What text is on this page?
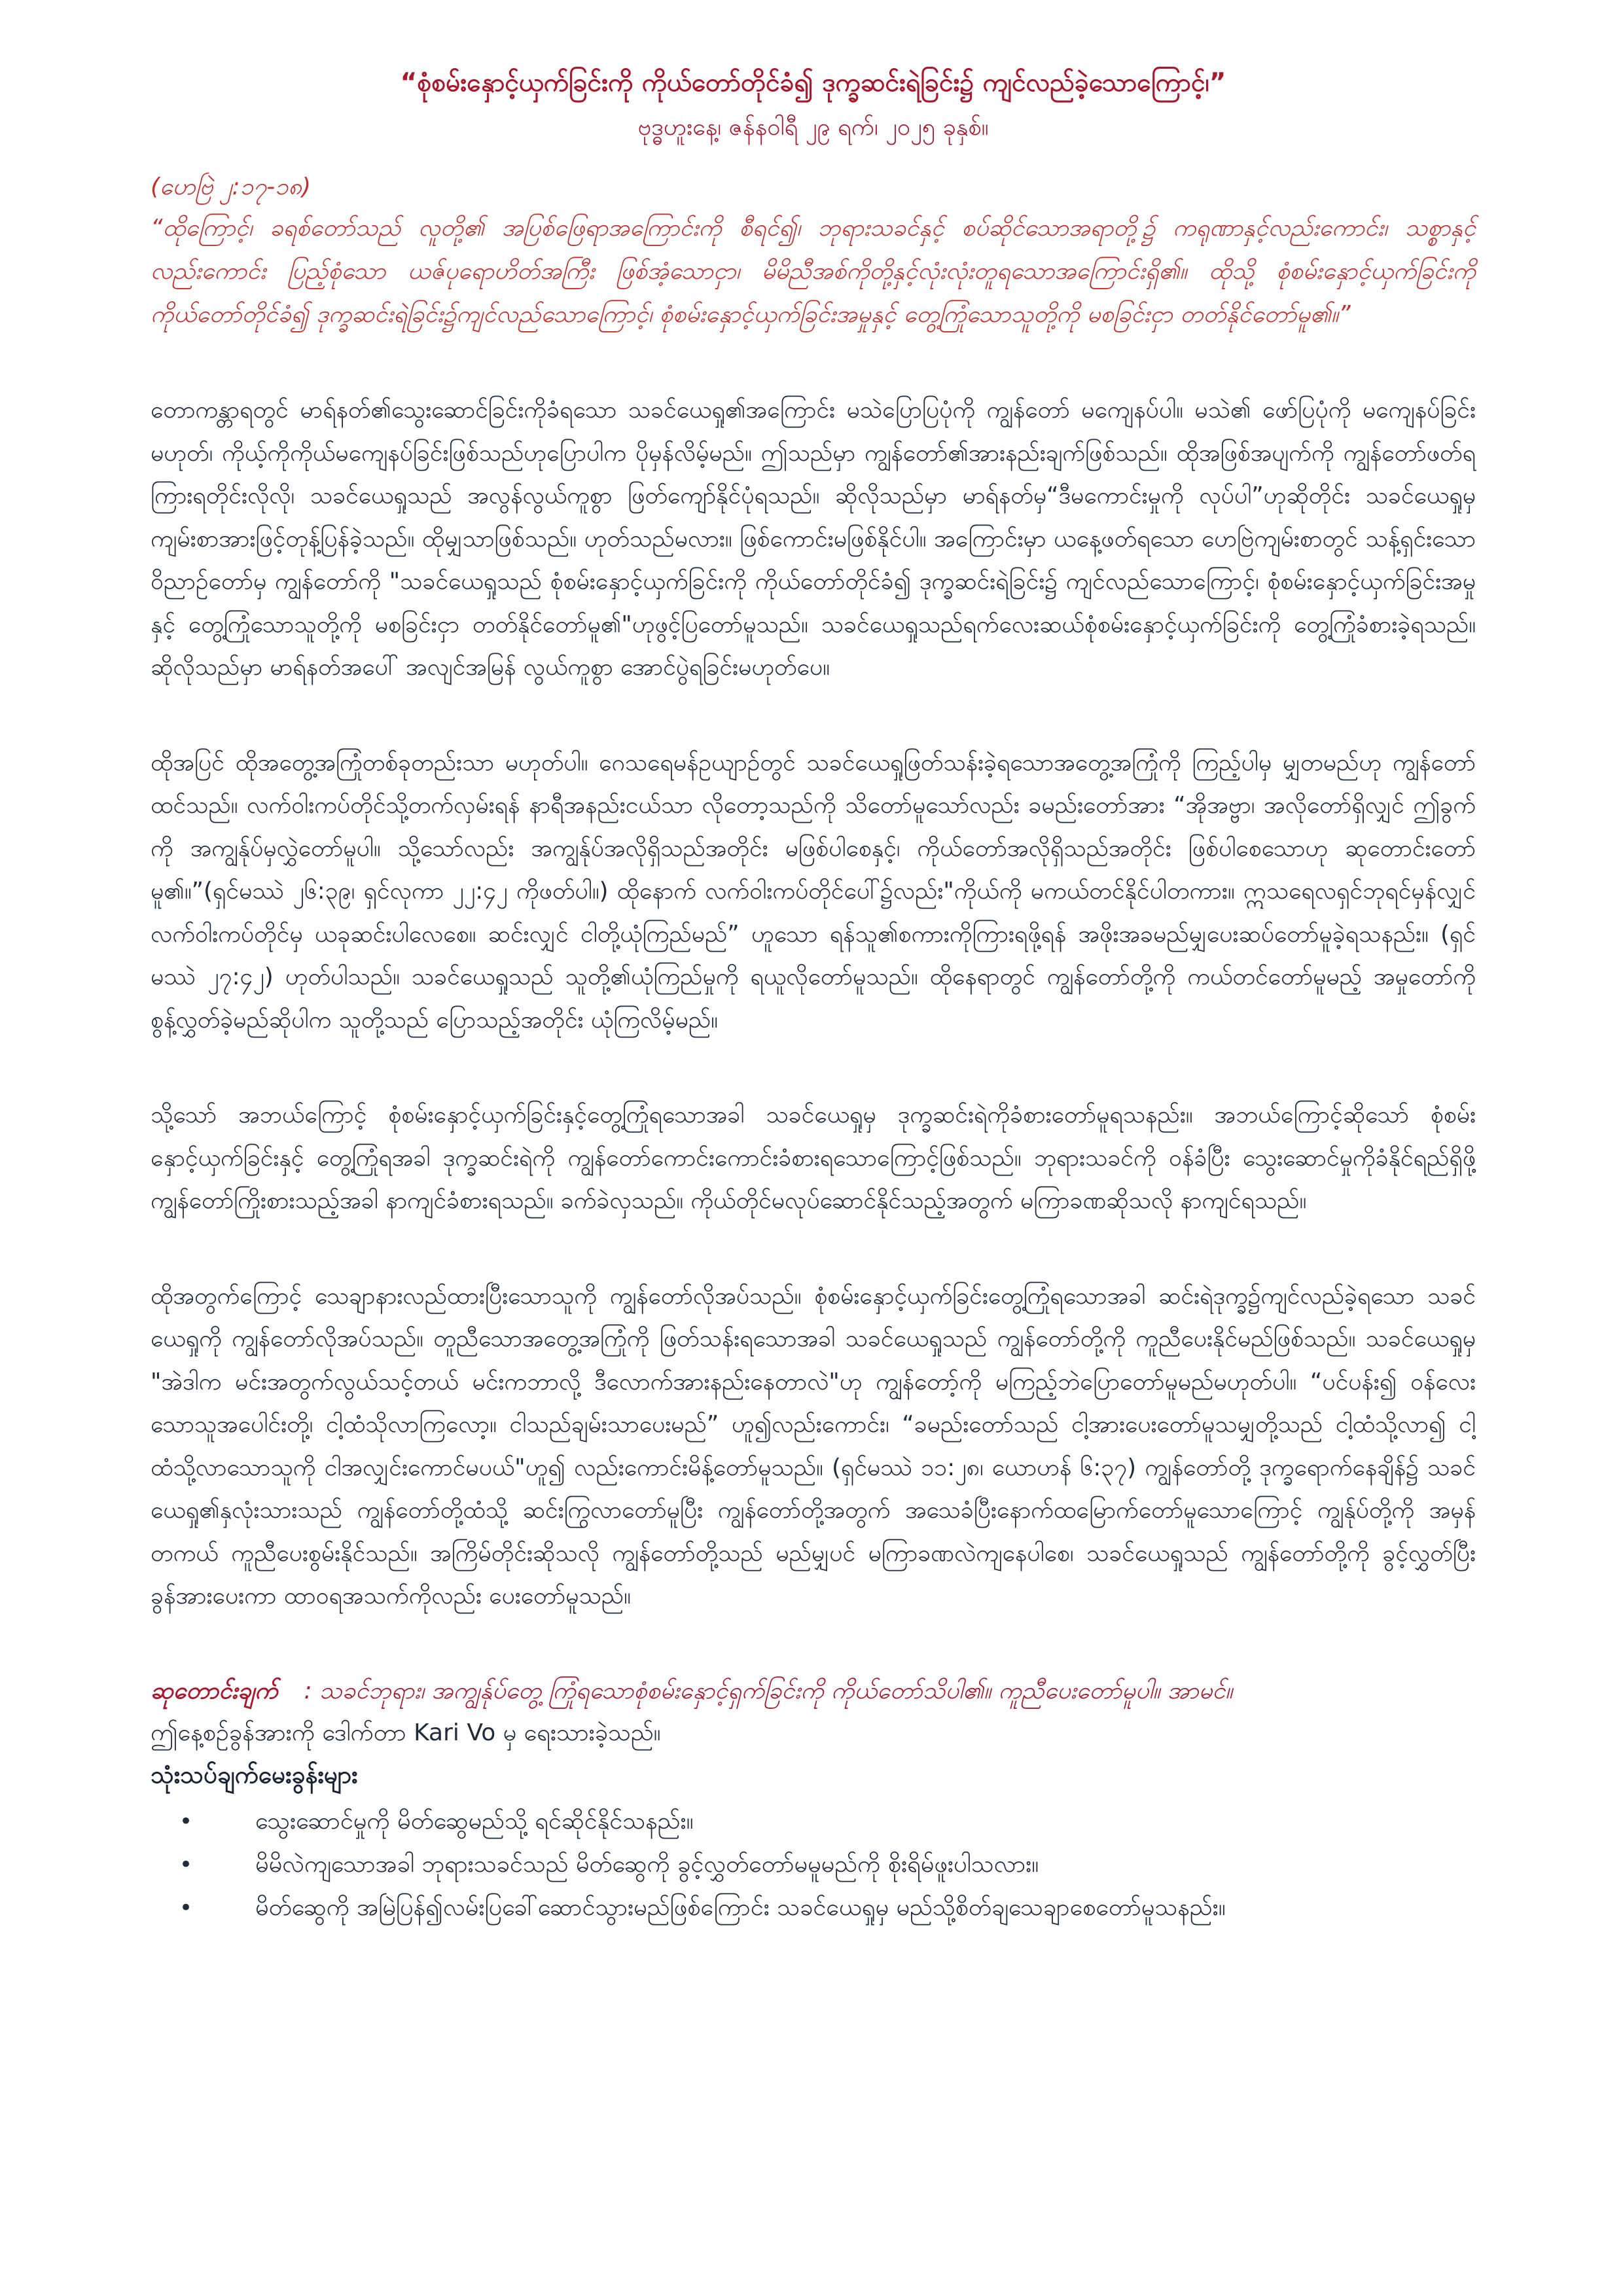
“စုံစမ်းနှောင့်ယှက်ခြင်းကို ကိုယ်တော်တိုင်ခံ၍ ဒုက္ခဆင်းရဲခြင်း၌ ကျင်လည်ခဲ့သောကြောင့်၊”

ဗုဒ္ဓဟူးနေ့၊ ဇန်နဝါရီ ၂၉ ရက်၊ ၂၀၂၅ ခုနှစ်။

(ဟေဗြဲ ၂:၁၇-၁၈)

“ထိုကြောင့်၊ ခရစ်တော်သည် လူတို့၏ အပြစ်ဖြေရာအကြောင်းကို စီရင်၍၊ ဘုရားသခင်နှင့် စပ်ဆိုင်သောအရာတို့၌ ကရုဏာနှင့်လည်းကောင်း၊ သစ္စာနှင့်လည်းကောင်း ပြည့်စုံသော ယဇ်ပုရောဟိတ်အကြီး ဖြစ်အံ့သောငှာ၊ မိမိညီအစ်ကိုတို့နှင့်လုံးလုံးတူရသောအကြောင်းရှိ၏။ ထိုသို့ စုံစမ်းနှောင့်ယှက်ခြင်းကို ကိုယ်တော်တိုင်ခံ၍ ဒုက္ခဆင်းရဲခြင်း၌ကျင်လည်သောကြောင့်၊ စုံစမ်းနှောင့်ယှက်ခြင်းအမှုနှင့် တွေ့ကြုံသောသူတို့ကို မစခြင်းငှာ တတ်နိုင်တော်မူ၏။”

တောကန္တာရတွင် မာရ်နတ်၏သွေးဆောင်ခြင်းကိုခံရသော သခင်ယေရှု၏အကြောင်း မသဲပြောပြပုံကို ကျွန်တော် မကျေနပ်ပါ။ မသဲ၏ ဖော်ပြပုံကို မကျေနပ်ခြင်းမဟုတ်၊ ကိုယ့်ကိုကိုယ်မကျေနပ်ခြင်းဖြစ်သည်ဟုပြောပါက ပိုမှန်လိမ့်မည်။ ဤသည်မှာ ကျွန်တော်၏အားနည်းချက်ဖြစ်သည်။ ထိုအဖြစ်အပျက်ကို ကျွန်တော်ဖတ်ရကြားရတိုင်းလိုလို၊ သခင်ယေရှုသည် အလွန်လွယ်ကူစွာ ဖြတ်ကျော်နိုင်ပုံရသည်။ ဆိုလိုသည်မှာ မာရ်နတ်မှ“ဒီမကောင်းမှုကို လုပ်ပါ”ဟုဆိုတိုင်း သခင်ယေရှုမှ ကျမ်းစာအားဖြင့်တုန့်ပြန်ခဲ့သည်။ ထိုမျှသာဖြစ်သည်။ ဟုတ်သည်မလား။ ဖြစ်ကောင်းမဖြစ်နိုင်ပါ။ အကြောင်းမှာ ယနေ့ဖတ်ရသော ဟေဗြဲကျမ်းစာတွင် သန့်ရှင်းသောဝိညာဉ်တော်မှ ကျွန်တော်ကို "သခင်ယေရှုသည် စုံစမ်းနှောင့်ယှက်ခြင်းကို ကိုယ်တော်တိုင်ခံ၍ ဒုက္ခဆင်းရဲခြင်း၌ ကျင်လည်သောကြောင့်၊ စုံစမ်းနှောင့်ယှက်ခြင်းအမှုနှင့် တွေ့ကြုံသောသူတို့ကို မစခြင်းငှာ တတ်နိုင်တော်မူ၏"ဟုဖွင့်ပြတော်မူသည်။ သခင်ယေရှုသည်ရက်လေးဆယ်စုံစမ်းနှောင့်ယှက်ခြင်းကို တွေ့ကြုံခံစားခဲ့ရသည်။ ဆိုလိုသည်မှာ မာရ်နတ်အပေါ် အလျင်အမြန် လွယ်ကူစွာ အောင်ပွဲရခြင်းမဟုတ်ပေ။

ထိုအပြင် ထိုအတွေ့အကြုံတစ်ခုတည်းသာ မဟုတ်ပါ။ ဂေသရေမန်ဥယျာဉ်တွင် သခင်ယေရှုဖြတ်သန်းခဲ့ရသောအတွေ့အကြုံကို ကြည့်ပါမှ မျှတမည်ဟု ကျွန်တော်ထင်သည်။ လက်ဝါးကပ်တိုင်သို့တက်လှမ်းရန် နာရီအနည်းငယ်သာ လိုတော့သည်ကို သိတော်မူသော်လည်း ခမည်းတော်အား “အိုအဗ္ဗာ၊ အလိုတော်ရှိလျှင် ဤခွက်ကို အကျွန်ုပ်မှလွှဲတော်မူပါ။ သို့သော်လည်း အကျွန်ုပ်အလိုရှိသည်အတိုင်း မဖြစ်ပါစေနှင့်၊ ကိုယ်တော်အလိုရှိသည်အတိုင်း ဖြစ်ပါစေသောဟု ဆုတောင်းတော်မူ၏။”(ရှင်မဿဲ ၂၆:၃၉၊ ရှင်လုကာ ၂၂:၄၂ ကိုဖတ်ပါ။) ထိုနောက် လက်ဝါးကပ်တိုင်ပေါ်၌လည်း"ကိုယ်ကို မကယ်တင်နိုင်ပါတကား။ ဣသရေလရှင်ဘုရင်မှန်လျှင် လက်ဝါးကပ်တိုင်မှ ယခုဆင်းပါလေစေ။ ဆင်းလျှင် ငါတို့ယုံကြည်မည်” ဟူသော ရန်သူ၏စကားကိုကြားရဖို့ရန် အဖိုးအခမည်မျှပေးဆပ်တော်မူခဲ့ရသနည်း။ (ရှင်မဿဲ ၂၇:၄၂) ဟုတ်ပါသည်။ သခင်ယေရှုသည် သူတို့၏ယုံကြည်မှုကို ရယူလိုတော်မူသည်။ ထိုနေရာတွင် ကျွန်တော်တို့ကို ကယ်တင်တော်မူမည့် အမှုတော်ကို စွန့်လွှတ်ခဲ့မည်ဆိုပါက သူတို့သည် ပြောသည့်အတိုင်း ယုံကြလိမ့်မည်။

သို့သော် အဘယ်ကြောင့် စုံစမ်းနှောင့်ယှက်ခြင်းနှင့်တွေ့ကြုံရသောအခါ သခင်ယေရှုမှ ဒုက္ခဆင်းရဲကိုခံစားတော်မူရသနည်း။ အဘယ်ကြောင့်ဆိုသော် စုံစမ်းနှောင့်ယှက်ခြင်းနှင့် တွေ့ကြုံရအခါ ဒုက္ခဆင်းရဲကို ကျွန်တော်ကောင်းကောင်းခံစားရသောကြောင့်ဖြစ်သည်။ ဘုရားသခင်ကို ဝန်ခံပြီး သွေးဆောင်မှုကိုခံနိုင်ရည်ရှိဖို့ ကျွန်တော်ကြိုးစားသည့်အခါ နာကျင်ခံစားရသည်။ ခက်ခဲလှသည်။ ကိုယ်တိုင်မလုပ်ဆောင်နိုင်သည့်အတွက် မကြာခဏဆိုသလို နာကျင်ရသည်။

ထိုအတွက်ကြောင့် သေချာနားလည်ထားပြီးသောသူကို ကျွန်တော်လိုအပ်သည်။ စုံစမ်းနှောင့်ယှက်ခြင်းတွေ့ကြုံရသောအခါ ဆင်းရဲဒုက္ခ၌ကျင်လည်ခဲ့ရသော သခင်ယေရှုကို ကျွန်တော်လိုအပ်သည်။ တူညီသောအတွေ့အကြုံကို ဖြတ်သန်းရသောအခါ သခင်ယေရှုသည် ကျွန်တော်တို့ကို ကူညီပေးနိုင်မည်ဖြစ်သည်။ သခင်ယေရှုမှ "အဲဒါက မင်းအတွက်လွယ်သင့်တယ် မင်းကဘာလို့ ဒီလောက်အားနည်းနေတာလဲ"ဟု ကျွန်တော့်ကို မကြည့်ဘဲပြောတော်မူမည်မဟုတ်ပါ။ “ပင်ပန်း၍ ဝန်လေးသောသူအပေါင်းတို့၊ ငါ့ထံသိုလာကြလော့။ ငါသည်ချမ်းသာပေးမည်” ဟူ၍လည်းကောင်း၊ “ခမည်းတော်သည် ငါ့အားပေးတော်မူသမျှတို့သည် ငါ့ထံသို့လာ၍ ငါ့ထံသို့လာသောသူကို ငါအလျှင်းကောင်မပယ်"ဟူ၍ လည်းကောင်းမိန့်တော်မူသည်။ (ရှင်မဿဲ ၁၁:၂၈၊ ယောဟန် ၆:၃၇) ကျွန်တော်တို့ ဒုက္ခရောက်နေချိန်၌ သခင်ယေရှု၏နှလုံးသားသည် ကျွန်တော်တို့ထံသို့ ဆင်းကြွလာတော်မူပြီး ကျွန်တော်တို့အတွက် အသေခံပြီးနောက်ထမြောက်တော်မူသောကြောင့် ကျွန်ုပ်တို့ကို အမှန်တကယ် ကူညီပေးစွမ်းနိုင်သည်။ အကြိမ်တိုင်းဆိုသလို ကျွန်တော်တို့သည် မည်မျှပင် မကြာခဏလဲကျနေပါစေ၊ သခင်ယေရှုသည် ကျွန်တော်တို့ကို ခွင့်လွှတ်ပြီး ခွန်အားပေးကာ ထာဝရအသက်ကိုလည်း ပေးတော်မူသည်။

ဆုတောင်းချက် : သခင်ဘုရား၊ အကျွန်ုပ်တွေ့ ကြုံရသောစုံစမ်းနှောင့်ရှက်ခြင်းကို ကိုယ်တော်သိပါ၏။ ကူညီပေးတော်မူပါ။ အာမင်။

ဤနေ့စဉ်ခွန်အားကို ဒေါက်တာ Kari Vo မှ ရေးသားခဲ့သည်။

သုံးသပ်ချက်မေးခွန်းများ

•	သွေးဆောင်မှုကို မိတ်ဆွေမည်သို့ ရင်ဆိုင်နိုင်သနည်း။
•	မိမိလဲကျသောအခါ ဘုရားသခင်သည် မိတ်ဆွေကို ခွင့်လွှတ်တော်မမူမည်ကို စိုးရိမ်ဖူးပါသလား။
•	မိတ်ဆွေကို အမြဲပြန်၍လမ်းပြခေါ်ဆောင်သွားမည်ဖြစ်ကြောင်း သခင်ယေရှုမှ မည်သို့စိတ်ချသေချာစေတော်မူသနည်း။
